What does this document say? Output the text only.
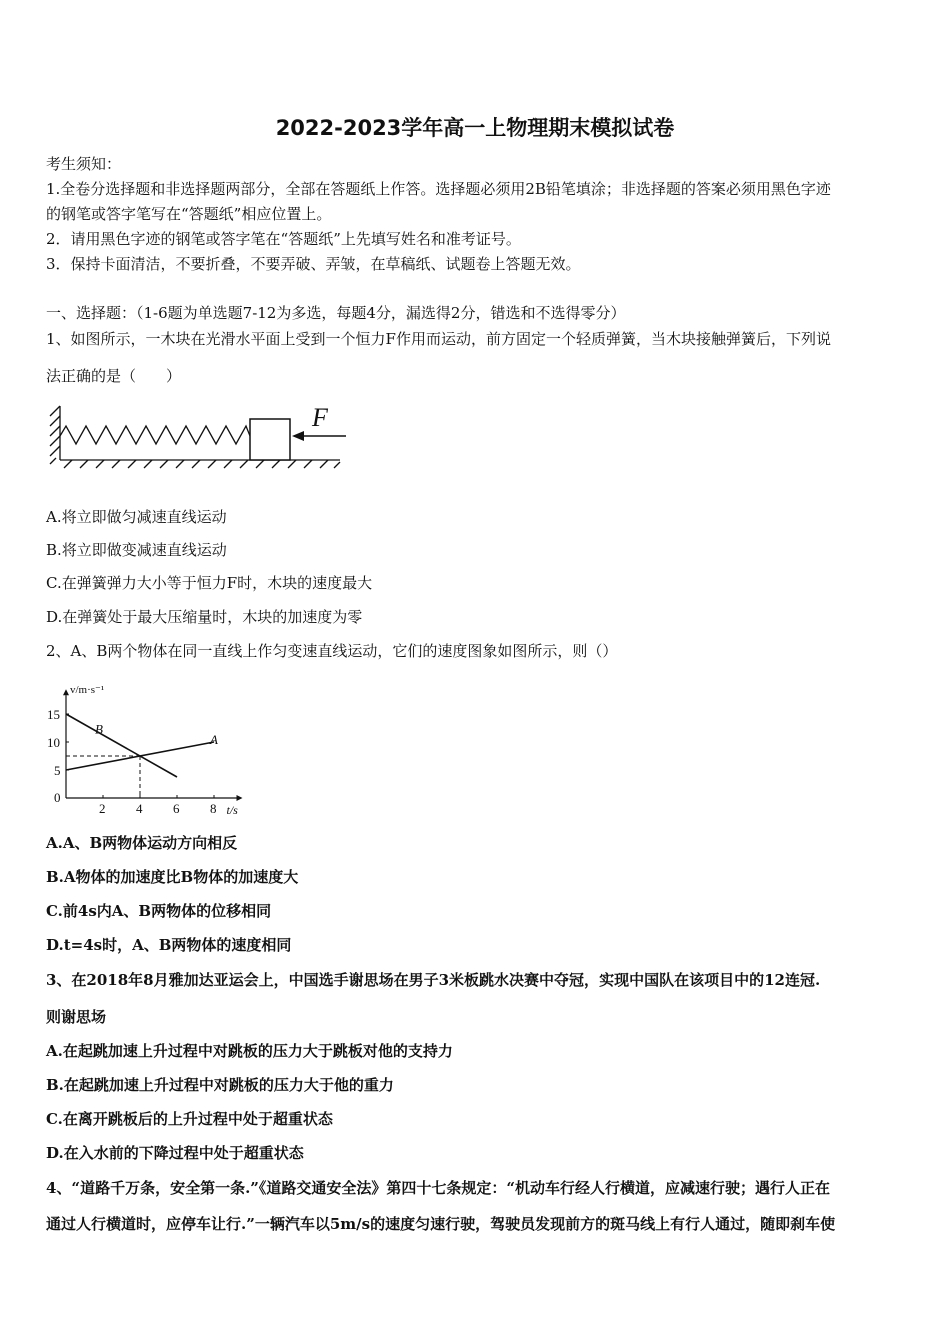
2022-2023学年高一上物理期末模拟试卷
考生须知：
1.全卷分选择题和非选择题两部分，全部在答题纸上作答。选择题必须用2B铅笔填涂；非选择题的答案必须用黑色字迹
的钢笔或答字笔写在“答题纸”相应位置上。
2．请用黑色字迹的钢笔或答字笔在“答题纸”上先填写姓名和准考证号。
3．保持卡面清洁，不要折叠，不要弄破、弄皱，在草稿纸、试题卷上答题无效。
一、选择题：（1-6题为单选题7-12为多选，每题4分，漏选得2分，错选和不选得零分）
1、如图所示，一木块在光滑水平面上受到一个恒力F作用而运动，前方固定一个轻质弹簧，当木块接触弹簧后，下列说
法正确的是（　　）
F
A.将立即做匀减速直线运动
B.将立即做变减速直线运动
C.在弹簧弹力大小等于恒力F时，木块的速度最大
D.在弹簧处于最大压缩量时，木块的加速度为零
2、A、B两个物体在同一直线上作匀变速直线运动，它们的速度图象如图所示，则（）
2 4 6 8
5
10
15
0
t/s
v/m·s⁻¹
A
B
A.A、B两物体运动方向相反
B.A物体的加速度比B物体的加速度大
C.前4s内A、B两物体的位移相同
D.t=4s时，A、B两物体的速度相同
3、在2018年8月雅加达亚运会上，中国选手谢思场在男子3米板跳水决赛中夺冠，实现中国队在该项目中的12连冠.
则谢思场
A.在起跳加速上升过程中对跳板的压力大于跳板对他的支持力
B.在起跳加速上升过程中对跳板的压力大于他的重力
C.在离开跳板后的上升过程中处于超重状态
D.在入水前的下降过程中处于超重状态
4、“道路千万条，安全第一条.”《道路交通安全法》第四十七条规定：“机动车行经人行横道，应减速行驶；遇行人正在
通过人行横道时，应停车让行.”一辆汽车以5m/s的速度匀速行驶，驾驶员发现前方的斑马线上有行人通过，随即刹车使
